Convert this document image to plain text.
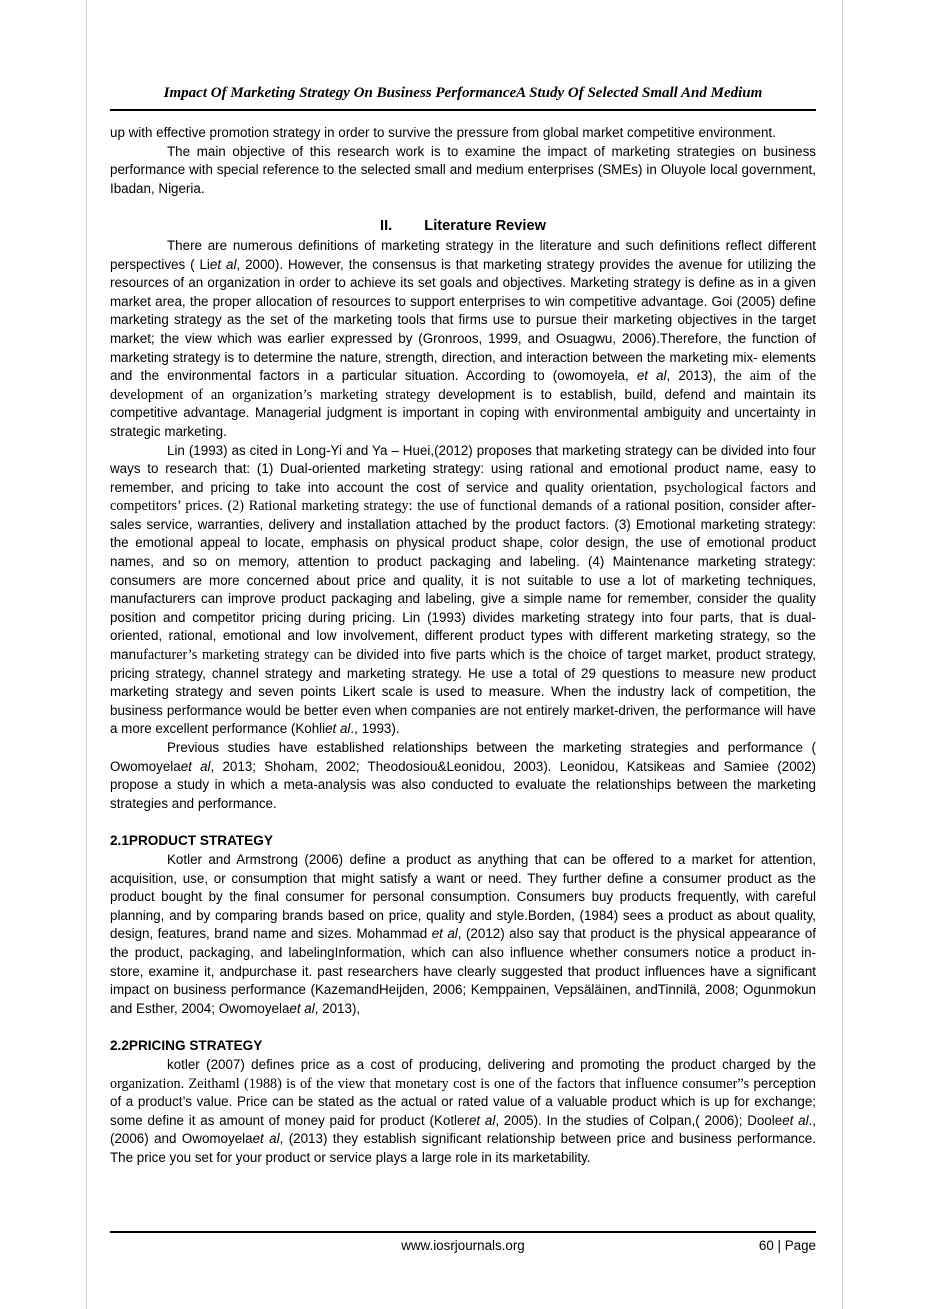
Impact Of Marketing Strategy On Business PerformanceA Study Of Selected Small And Medium

up with effective promotion strategy in order to survive the pressure from global market competitive environment.

The main objective of this research work is to examine the impact of marketing strategies on business performance with special reference to the selected small and medium enterprises (SMEs) in Oluyole local government, Ibadan, Nigeria.

II. Literature Review

There are numerous definitions of marketing strategy in the literature and such definitions reflect different perspectives ( Liet al, 2000). However, the consensus is that marketing strategy provides the avenue for utilizing the resources of an organization in order to achieve its set goals and objectives. Marketing strategy is define as in a given market area, the proper allocation of resources to support enterprises to win competitive advantage. Goi (2005) define marketing strategy as the set of the marketing tools that firms use to pursue their marketing objectives in the target market; the view which was earlier expressed by (Gronroos, 1999, and Osuagwu, 2006).Therefore, the function of marketing strategy is to determine the nature, strength, direction, and interaction between the marketing mix- elements and the environmental factors in a particular situation. According to (owomoyela, et al, 2013), the aim of the development of an organization’s marketing strategy development is to establish, build, defend and maintain its competitive advantage. Managerial judgment is important in coping with environmental ambiguity and uncertainty in strategic marketing.

Lin (1993) as cited in Long-Yi and Ya – Huei,(2012) proposes that marketing strategy can be divided into four ways to research that: (1) Dual-oriented marketing strategy: using rational and emotional product name, easy to remember, and pricing to take into account the cost of service and quality orientation, psychological factors and competitors’ prices. (2) Rational marketing strategy: the use of functional demands of a rational position, consider after-sales service, warranties, delivery and installation attached by the product factors. (3) Emotional marketing strategy: the emotional appeal to locate, emphasis on physical product shape, color design, the use of emotional product names, and so on memory, attention to product packaging and labeling. (4) Maintenance marketing strategy: consumers are more concerned about price and quality, it is not suitable to use a lot of marketing techniques, manufacturers can improve product packaging and labeling, give a simple name for remember, consider the quality position and competitor pricing during pricing. Lin (1993) divides marketing strategy into four parts, that is dual-oriented, rational, emotional and low involvement, different product types with different marketing strategy, so the manufacturer’s marketing strategy can be divided into five parts which is the choice of target market, product strategy, pricing strategy, channel strategy and marketing strategy. He use a total of 29 questions to measure new product marketing strategy and seven points Likert scale is used to measure. When the industry lack of competition, the business performance would be better even when companies are not entirely market-driven, the performance will have a more excellent performance (Kohliet al., 1993).

Previous studies have established relationships between the marketing strategies and performance ( Owomoyelaet al, 2013; Shoham, 2002; Theodosiou&Leonidou, 2003). Leonidou, Katsikeas and Samiee (2002) propose a study in which a meta-analysis was also conducted to evaluate the relationships between the marketing strategies and performance.

2.1PRODUCT STRATEGY

Kotler and Armstrong (2006) define a product as anything that can be offered to a market for attention, acquisition, use, or consumption that might satisfy a want or need. They further define a consumer product as the product bought by the final consumer for personal consumption. Consumers buy products frequently, with careful planning, and by comparing brands based on price, quality and style.Borden, (1984) sees a product as about quality, design, features, brand name and sizes. Mohammad et al, (2012) also say that product is the physical appearance of the product, packaging, and labelingInformation, which can also influence whether consumers notice a product in-store, examine it, andpurchase it. past researchers have clearly suggested that product influences have a significant impact on business performance (KazemandHeijden, 2006; Kemppainen, Vepsäläinen, andTinnilä, 2008; Ogunmokun and Esther, 2004; Owomoyelaet al, 2013),

2.2PRICING STRATEGY

kotler (2007) defines price as a cost of producing, delivering and promoting the product charged by the organization. Zeithaml (1988) is of the view that monetary cost is one of the factors that influence consumer”s perception of a product’s value. Price can be stated as the actual or rated value of a valuable product which is up for exchange; some define it as amount of money paid for product (Kotleret al, 2005). In the studies of Colpan,( 2006); Dooleet al., (2006) and Owomoyelaet al, (2013) they establish significant relationship between price and business performance. The price you set for your product or service plays a large role in its marketability.

www.iosrjournals.org	60 | Page
